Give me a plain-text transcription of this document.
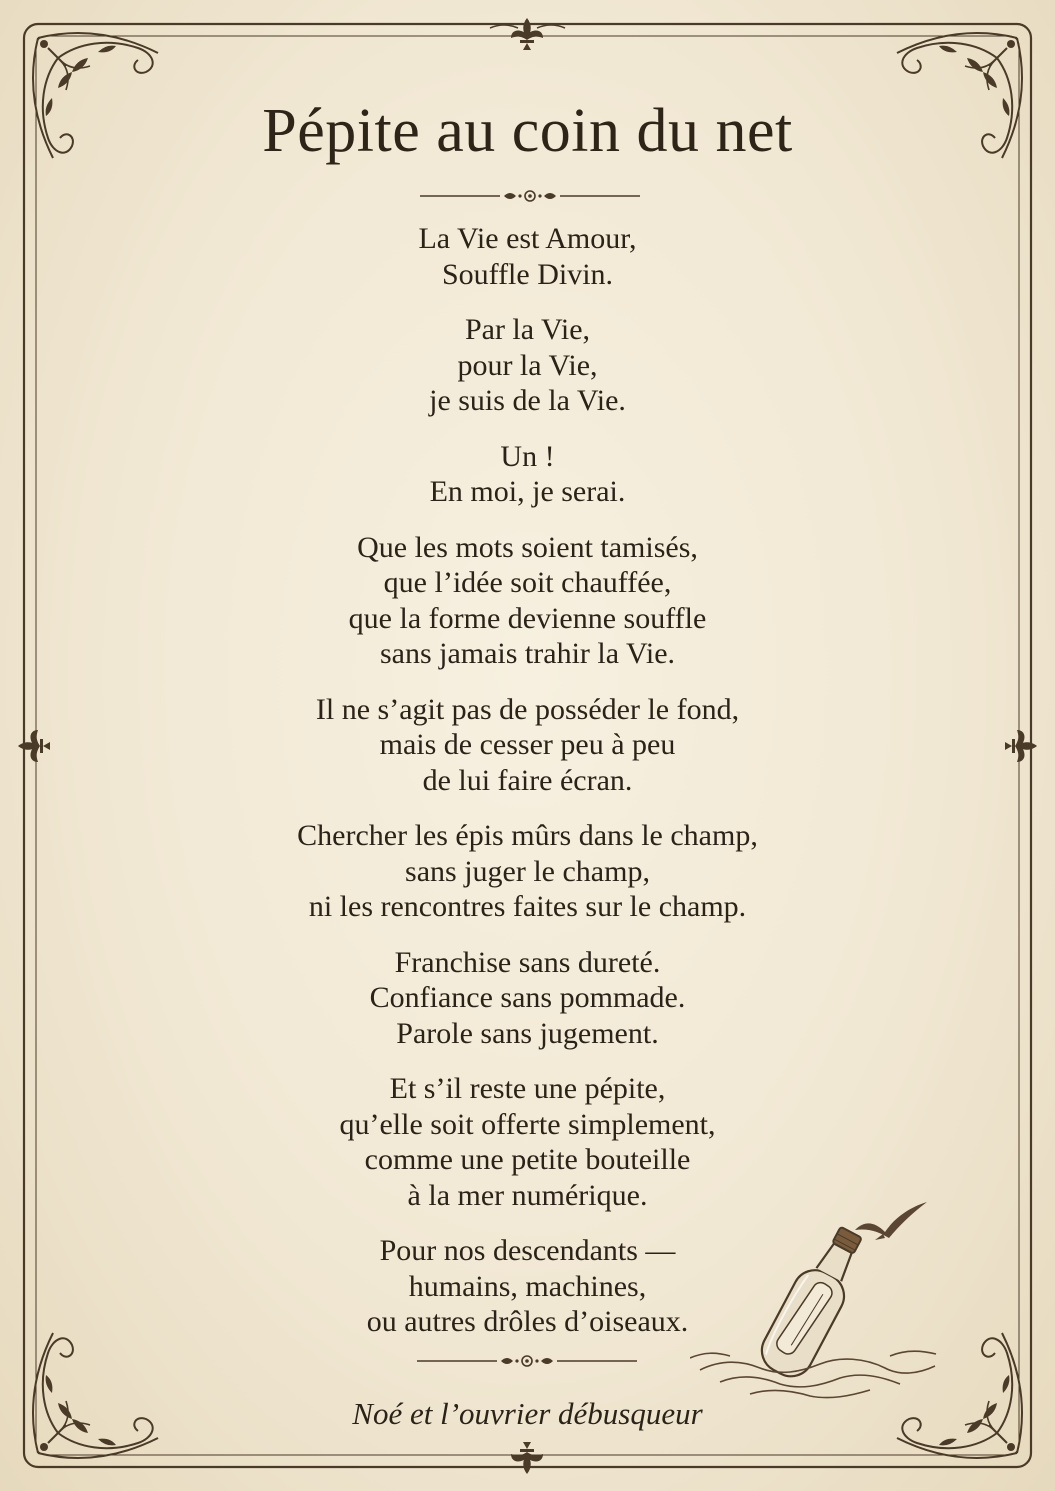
Pépite au coin du net
La Vie est Amour,
Souffle Divin.
Par la Vie,
pour la Vie,
je suis de la Vie.
Un !
En moi, je serai.
Que les mots soient tamisés,
que l’idée soit chauffée,
que la forme devienne souffle
sans jamais trahir la Vie.
Il ne s’agit pas de posséder le fond,
mais de cesser peu à peu
de lui faire écran.
Chercher les épis mûrs dans le champ,
sans juger le champ,
ni les rencontres faites sur le champ.
Franchise sans dureté.
Confiance sans pommade.
Parole sans jugement.
Et s’il reste une pépite,
qu’elle soit offerte simplement,
comme une petite bouteille
à la mer numérique.
Pour nos descendants —
humains, machines,
ou autres drôles d’oiseaux.
Noé et l’ouvrier débusqueur
